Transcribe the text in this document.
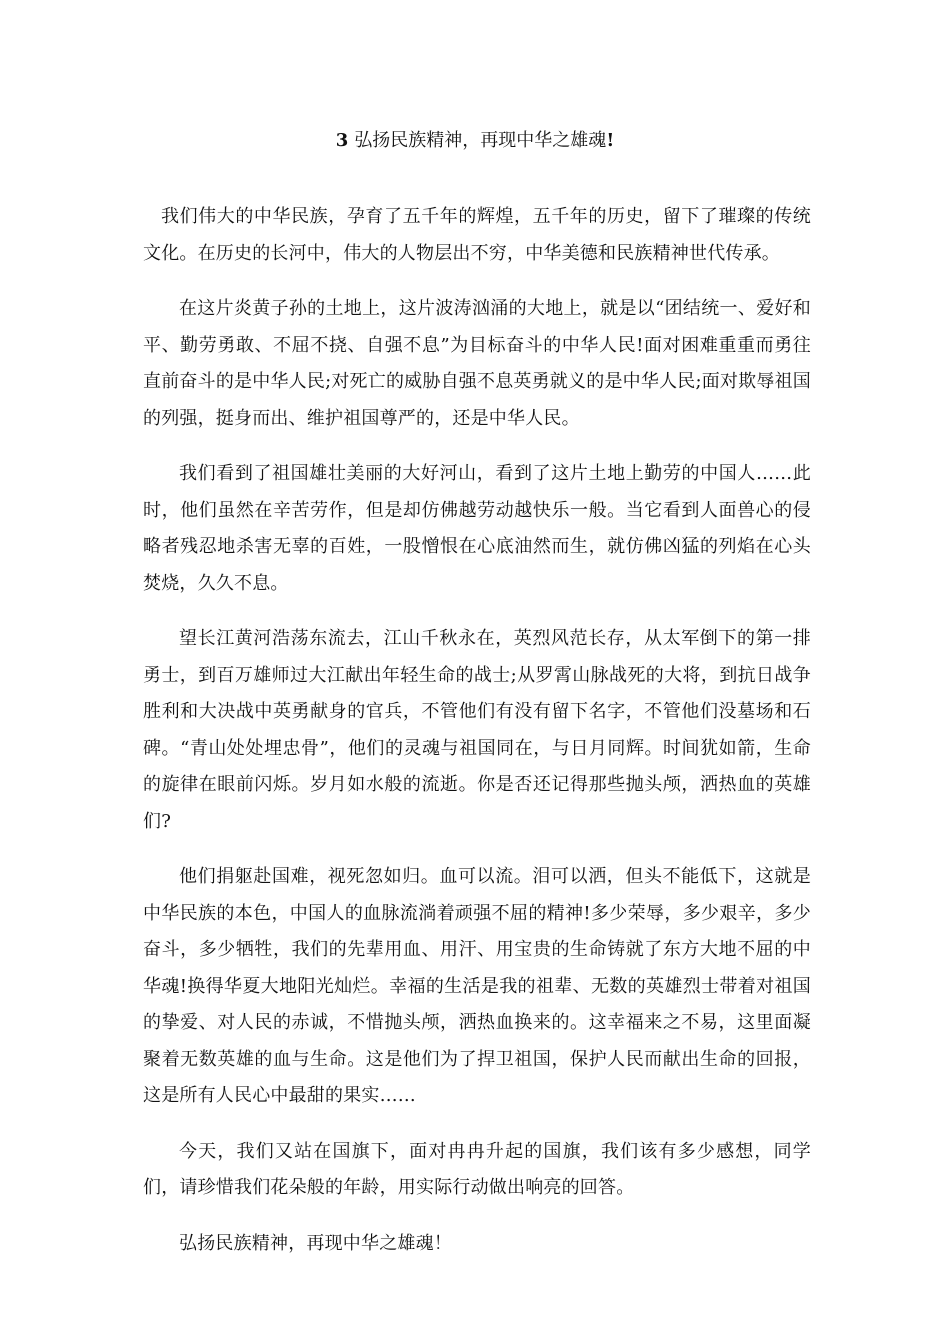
3 弘扬民族精神，再现中华之雄魂!

我们伟大的中华民族，孕育了五千年的辉煌，五千年的历史，留下了璀璨的传统文化。在历史的长河中，伟大的人物层出不穷，中华美德和民族精神世代传承。

在这片炎黄子孙的土地上，这片波涛汹涌的大地上，就是以“团结统一、爱好和平、勤劳勇敢、不屈不挠、自强不息”为目标奋斗的中华人民!面对困难重重而勇往直前奋斗的是中华人民;对死亡的威胁自强不息英勇就义的是中华人民;面对欺辱祖国的列强，挺身而出、维护祖国尊严的，还是中华人民。

我们看到了祖国雄壮美丽的大好河山，看到了这片土地上勤劳的中国人……此时，他们虽然在辛苦劳作，但是却仿佛越劳动越快乐一般。当它看到人面兽心的侵略者残忍地杀害无辜的百姓，一股憎恨在心底油然而生，就仿佛凶猛的列焰在心头焚烧，久久不息。

望长江黄河浩荡东流去，江山千秋永在，英烈风范长存，从太军倒下的第一排勇士，到百万雄师过大江献出年轻生命的战士;从罗霄山脉战死的大将，到抗日战争胜利和大决战中英勇献身的官兵，不管他们有没有留下名字，不管他们没墓场和石碑。“青山处处埋忠骨”，他们的灵魂与祖国同在，与日月同辉。时间犹如箭，生命的旋律在眼前闪烁。岁月如水般的流逝。你是否还记得那些抛头颅，洒热血的英雄们?

他们捐躯赴国难，视死忽如归。血可以流。泪可以洒，但头不能低下，这就是中华民族的本色，中国人的血脉流淌着顽强不屈的精神!多少荣辱，多少艰辛，多少奋斗，多少牺牲，我们的先辈用血、用汗、用宝贵的生命铸就了东方大地不屈的中华魂!换得华夏大地阳光灿烂。幸福的生活是我的祖辈、无数的英雄烈士带着对祖国的挚爱、对人民的赤诚，不惜抛头颅，洒热血换来的。这幸福来之不易，这里面凝聚着无数英雄的血与生命。这是他们为了捍卫祖国，保护人民而献出生命的回报，这是所有人民心中最甜的果实……

今天，我们又站在国旗下，面对冉冉升起的国旗，我们该有多少感想，同学们，请珍惜我们花朵般的年龄，用实际行动做出响亮的回答。

弘扬民族精神，再现中华之雄魂！
